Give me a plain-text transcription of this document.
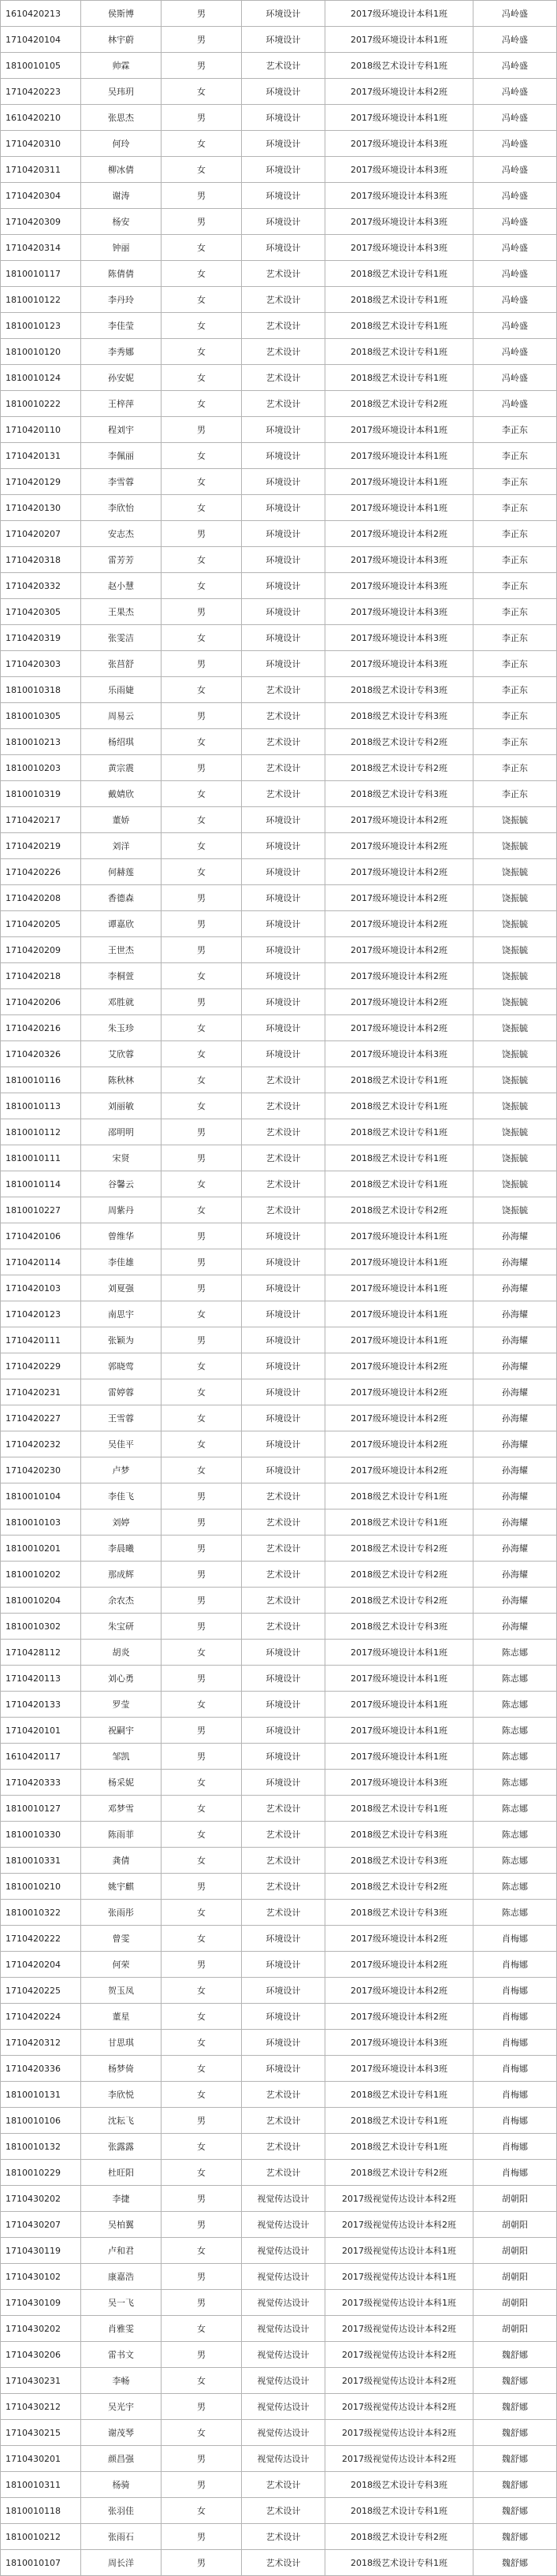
1610420213	侯斯博	男	环境设计	2017级环境设计本科1班	冯岭盛
1710420104	林宇蔚	男	环境设计	2017级环境设计本科1班	冯岭盛
1810010105	帅霖	男	艺术设计	2018级艺术设计专科1班	冯岭盛
1710420223	吴玮玥	女	环境设计	2017级环境设计本科2班	冯岭盛
1610420210	张思杰	男	环境设计	2017级环境设计本科1班	冯岭盛
1710420310	何玲	女	环境设计	2017级环境设计本科3班	冯岭盛
1710420311	柳冰倩	女	环境设计	2017级环境设计本科3班	冯岭盛
1710420304	谢涛	男	环境设计	2017级环境设计本科3班	冯岭盛
1710420309	杨安	男	环境设计	2017级环境设计本科3班	冯岭盛
1710420314	钟丽	女	环境设计	2017级环境设计本科3班	冯岭盛
1810010117	陈倩倩	女	艺术设计	2018级艺术设计专科1班	冯岭盛
1810010122	李丹玲	女	艺术设计	2018级艺术设计专科1班	冯岭盛
1810010123	李佳莹	女	艺术设计	2018级艺术设计专科1班	冯岭盛
1810010120	李秀娜	女	艺术设计	2018级艺术设计专科1班	冯岭盛
1810010124	孙安妮	女	艺术设计	2018级艺术设计专科1班	冯岭盛
1810010222	王梓萍	女	艺术设计	2018级艺术设计专科2班	冯岭盛
1710420110	程刘宇	男	环境设计	2017级环境设计本科1班	李正东
1710420131	李佩丽	女	环境设计	2017级环境设计本科1班	李正东
1710420129	李雪蓉	女	环境设计	2017级环境设计本科1班	李正东
1710420130	李欣怡	女	环境设计	2017级环境设计本科1班	李正东
1710420207	安志杰	男	环境设计	2017级环境设计本科2班	李正东
1710420318	雷芳芳	女	环境设计	2017级环境设计本科3班	李正东
1710420332	赵小慧	女	环境设计	2017级环境设计本科3班	李正东
1710420305	王果杰	男	环境设计	2017级环境设计本科3班	李正东
1710420319	张雯洁	女	环境设计	2017级环境设计本科3班	李正东
1710420303	张莒舒	男	环境设计	2017级环境设计本科3班	李正东
1810010318	乐雨婕	女	艺术设计	2018级艺术设计专科3班	李正东
1810010305	周易云	男	艺术设计	2018级艺术设计专科3班	李正东
1810010213	杨绍琪	女	艺术设计	2018级艺术设计专科2班	李正东
1810010203	黄宗震	男	艺术设计	2018级艺术设计专科2班	李正东
1810010319	戴婧欣	女	艺术设计	2018级艺术设计专科3班	李正东
1710420217	董娇	女	环境设计	2017级环境设计本科2班	饶振毓
1710420219	刘洋	女	环境设计	2017级环境设计本科2班	饶振毓
1710420226	何赫莲	女	环境设计	2017级环境设计本科2班	饶振毓
1710420208	香德森	男	环境设计	2017级环境设计本科2班	饶振毓
1710420205	谭嘉欣	男	环境设计	2017级环境设计本科2班	饶振毓
1710420209	王世杰	男	环境设计	2017级环境设计本科2班	饶振毓
1710420218	李桐萱	女	环境设计	2017级环境设计本科2班	饶振毓
1710420206	邓胜就	男	环境设计	2017级环境设计本科2班	饶振毓
1710420216	朱玉珍	女	环境设计	2017级环境设计本科2班	饶振毓
1710420326	艾欣蓉	女	环境设计	2017级环境设计本科3班	饶振毓
1810010116	陈秋林	女	艺术设计	2018级艺术设计专科1班	饶振毓
1810010113	刘丽敏	女	艺术设计	2018级艺术设计专科1班	饶振毓
1810010112	邵明明	男	艺术设计	2018级艺术设计专科1班	饶振毓
1810010111	宋贤	男	艺术设计	2018级艺术设计专科1班	饶振毓
1810010114	谷馨云	女	艺术设计	2018级艺术设计专科1班	饶振毓
1810010227	周紫丹	女	艺术设计	2018级艺术设计专科2班	饶振毓
1710420106	曾维华	男	环境设计	2017级环境设计本科1班	孙海耀
1710420114	李佳雄	男	环境设计	2017级环境设计本科1班	孙海耀
1710420103	刘夏强	男	环境设计	2017级环境设计本科1班	孙海耀
1710420123	南思宇	女	环境设计	2017级环境设计本科1班	孙海耀
1710420111	张颖为	男	环境设计	2017级环境设计本科1班	孙海耀
1710420229	郭晓莺	女	环境设计	2017级环境设计本科2班	孙海耀
1710420231	雷婷蓉	女	环境设计	2017级环境设计本科2班	孙海耀
1710420227	王雪蓉	女	环境设计	2017级环境设计本科2班	孙海耀
1710420232	吴佳平	女	环境设计	2017级环境设计本科2班	孙海耀
1710420230	卢梦	女	环境设计	2017级环境设计本科2班	孙海耀
1810010104	李佳飞	男	艺术设计	2018级艺术设计专科1班	孙海耀
1810010103	刘婷	男	艺术设计	2018级艺术设计专科1班	孙海耀
1810010201	李晨曦	男	艺术设计	2018级艺术设计专科2班	孙海耀
1810010202	那成辉	男	艺术设计	2018级艺术设计专科2班	孙海耀
1810010204	余农杰	男	艺术设计	2018级艺术设计专科2班	孙海耀
1810010302	朱宝研	男	艺术设计	2018级艺术设计专科3班	孙海耀
1710428112	胡炎	女	环境设计	2017级环境设计本科1班	陈志娜
1710420113	刘心勇	男	环境设计	2017级环境设计本科1班	陈志娜
1710420133	罗莹	女	环境设计	2017级环境设计本科1班	陈志娜
1710420101	祝嗣宇	男	环境设计	2017级环境设计本科1班	陈志娜
1610420117	邹凯	男	环境设计	2017级环境设计本科1班	陈志娜
1710420333	杨采妮	女	环境设计	2017级环境设计本科3班	陈志娜
1810010127	邓梦雪	女	艺术设计	2018级艺术设计专科1班	陈志娜
1810010330	陈雨菲	女	艺术设计	2018级艺术设计专科3班	陈志娜
1810010331	龚倩	女	艺术设计	2018级艺术设计专科3班	陈志娜
1810010210	姚宇麒	男	艺术设计	2018级艺术设计专科2班	陈志娜
1810010322	张雨彤	女	艺术设计	2018级艺术设计专科3班	陈志娜
1710420222	曾雯	女	环境设计	2017级环境设计本科2班	肖梅娜
1710420204	何荣	男	环境设计	2017级环境设计本科2班	肖梅娜
1710420225	贺玉凤	女	环境设计	2017级环境设计本科2班	肖梅娜
1710420224	董星	女	环境设计	2017级环境设计本科2班	肖梅娜
1710420312	甘思琪	女	环境设计	2017级环境设计本科3班	肖梅娜
1710420336	杨梦倚	女	环境设计	2017级环境设计本科3班	肖梅娜
1810010131	李欣悦	女	艺术设计	2018级艺术设计专科1班	肖梅娜
1810010106	沈耘飞	男	艺术设计	2018级艺术设计专科1班	肖梅娜
1810010132	张露露	女	艺术设计	2018级艺术设计专科1班	肖梅娜
1810010229	杜旺阳	女	艺术设计	2018级艺术设计专科2班	肖梅娜
1710430202	李捷	男	视觉传达设计	2017级视觉传达设计本科2班	胡朝阳
1710430207	吴柏翼	男	视觉传达设计	2017级视觉传达设计本科2班	胡朝阳
1710430119	卢和君	女	视觉传达设计	2017级视觉传达设计本科1班	胡朝阳
1710430102	康嘉浩	男	视觉传达设计	2017级视觉传达设计本科1班	胡朝阳
1710430109	吴一飞	男	视觉传达设计	2017级视觉传达设计本科1班	胡朝阳
1710430202	肖雅雯	女	视觉传达设计	2017级视觉传达设计本科2班	胡朝阳
1710430206	雷书文	男	视觉传达设计	2017级视觉传达设计本科2班	魏舒娜
1710430231	李畅	女	视觉传达设计	2017级视觉传达设计本科2班	魏舒娜
1710430212	吴光宇	男	视觉传达设计	2017级视觉传达设计本科2班	魏舒娜
1710430215	谢茂琴	女	视觉传达设计	2017级视觉传达设计本科2班	魏舒娜
1710430201	颜昌强	男	视觉传达设计	2017级视觉传达设计本科2班	魏舒娜
1810010311	杨骑	男	艺术设计	2018级艺术设计专科3班	魏舒娜
1810010118	张羽佳	女	艺术设计	2018级艺术设计专科1班	魏舒娜
1810010212	张雨石	男	艺术设计	2018级艺术设计专科2班	魏舒娜
1810010107	周长洋	男	艺术设计	2018级艺术设计专科1班	魏舒娜
